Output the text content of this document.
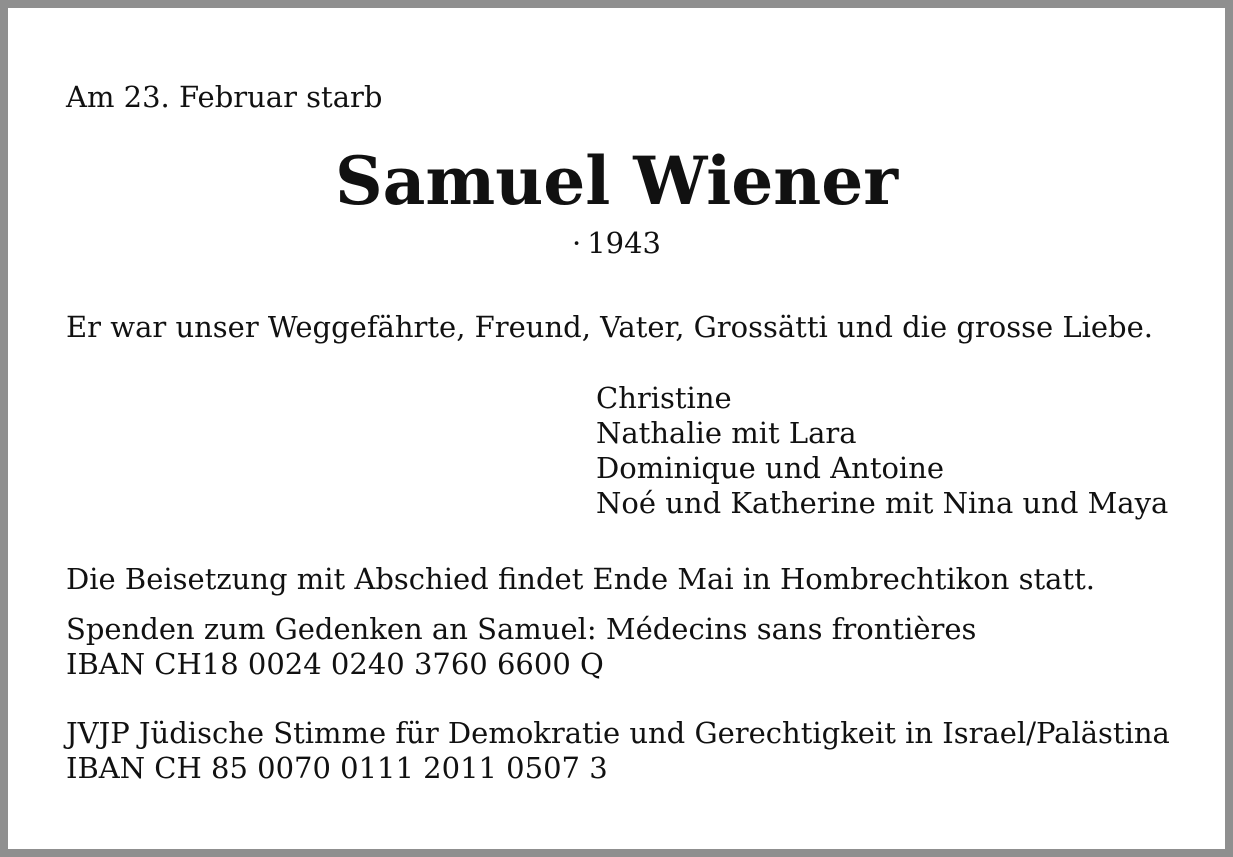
Am 23. Februar starb

Samuel Wiener

· 1943

Er war unser Weggefährte, Freund, Vater, Grossätti und die grosse Liebe.

Christine
Nathalie mit Lara
Dominique und Antoine
Noé und Katherine mit Nina und Maya

Die Beisetzung mit Abschied findet Ende Mai in Hombrechtikon statt.

Spenden zum Gedenken an Samuel: Médecins sans frontières

IBAN CH18 0024 0240 3760 6600 Q

JVJP Jüdische Stimme für Demokratie und Gerechtigkeit in Israel/Palästina

IBAN CH 85 0070 0111 2011 0507 3
